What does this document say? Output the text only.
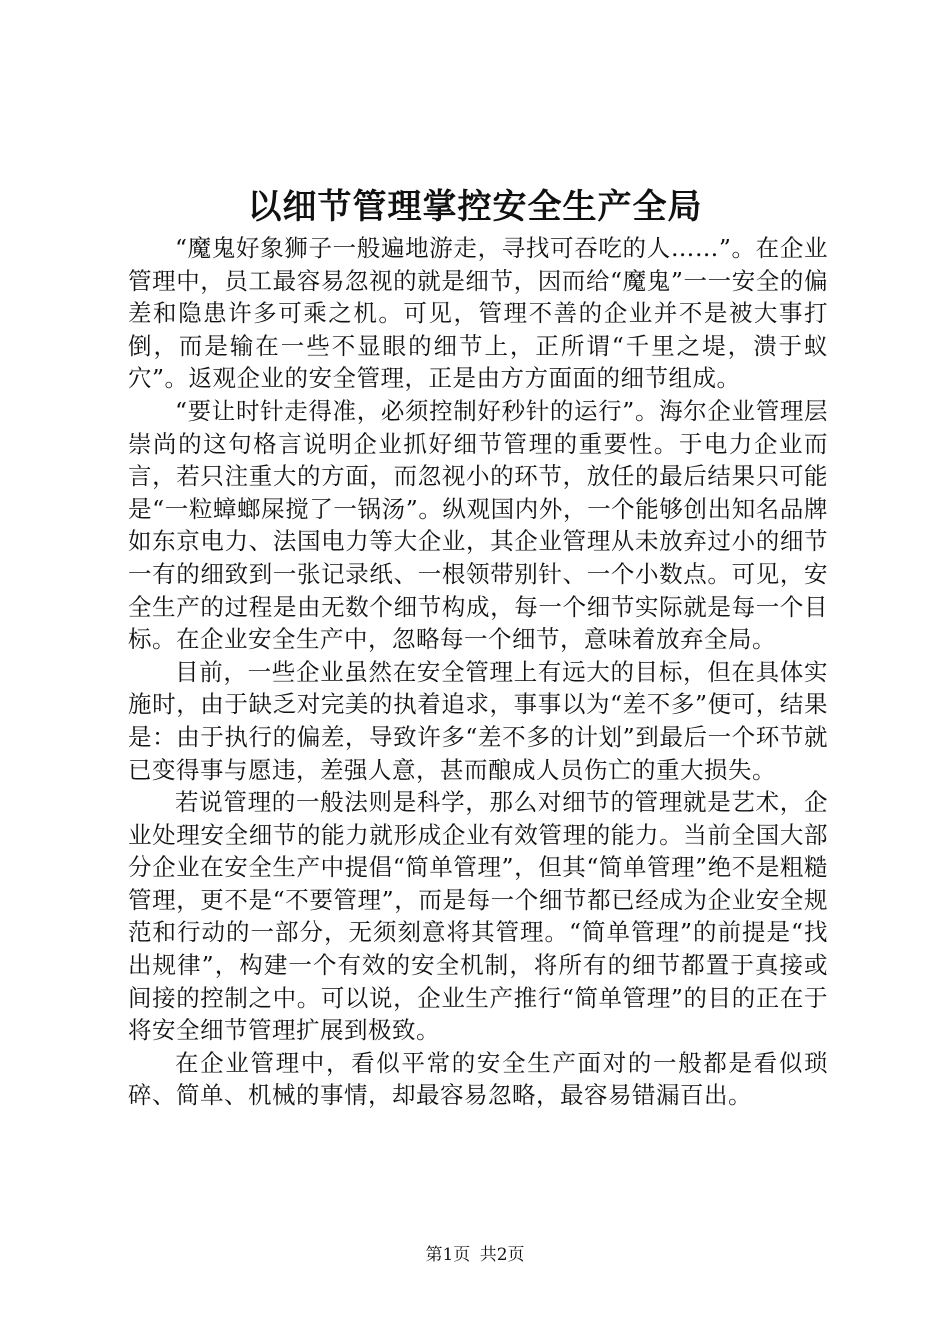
以细节管理掌控安全生产全局

“魔鬼好象狮子一般遍地游走，寻找可吞吃的人……”。在企业管理中，员工最容易忽视的就是细节，因而给“魔鬼”一一安全的偏差和隐患许多可乘之机。可见，管理不善的企业并不是被大事打倒，而是输在一些不显眼的细节上，正所谓“千里之堤，溃于蚁穴”。返观企业的安全管理，正是由方方面面的细节组成。

“要让时针走得准，必须控制好秒针的运行”。海尔企业管理层崇尚的这句格言说明企业抓好细节管理的重要性。于电力企业而言，若只注重大的方面，而忽视小的环节，放任的最后结果只可能是“一粒蟑螂屎搅了一锅汤”。纵观国内外，一个能够创出知名品牌如东京电力、法国电力等大企业，其企业管理从未放弃过小的细节一有的细致到一张记录纸、一根领带别针、一个小数点。可见，安全生产的过程是由无数个细节构成，每一个细节实际就是每一个目标。在企业安全生产中，忽略每一个细节，意味着放弃全局。

目前，一些企业虽然在安全管理上有远大的目标，但在具体实施时，由于缺乏对完美的执着追求，事事以为“差不多”便可，结果是：由于执行的偏差，导致许多“差不多的计划”到最后一个环节就已变得事与愿违，差强人意，甚而酿成人员伤亡的重大损失。

若说管理的一般法则是科学，那么对细节的管理就是艺术，企业处理安全细节的能力就形成企业有效管理的能力。当前全国大部分企业在安全生产中提倡“简单管理”，但其“简单管理”绝不是粗糙管理，更不是“不要管理”，而是每一个细节都已经成为企业安全规范和行动的一部分，无须刻意将其管理。“简单管理”的前提是“找出规律”，构建一个有效的安全机制，将所有的细节都置于真接或间接的控制之中。可以说，企业生产推行“简单管理”的目的正在于将安全细节管理扩展到极致。

在企业管理中，看似平常的安全生产面对的一般都是看似琐碎、简单、机械的事情，却最容易忽略，最容易错漏百出。

第1页 共2页
